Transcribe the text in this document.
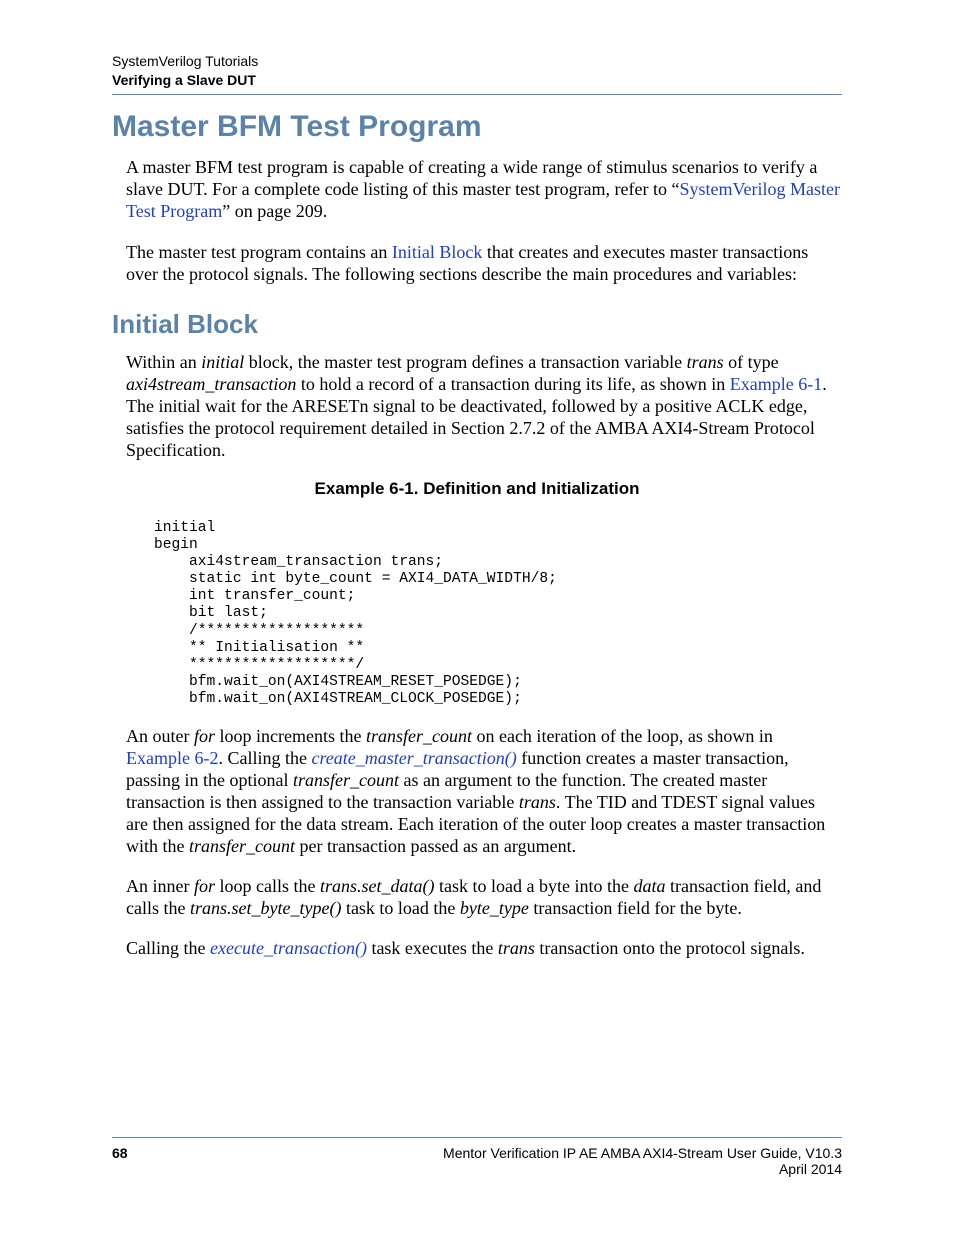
SystemVerilog Tutorials
Verifying a Slave DUT
Master BFM Test Program

A master BFM test program is capable of creating a wide range of stimulus scenarios to verify a slave DUT. For a complete code listing of this master test program, refer to “SystemVerilog Master Test Program” on page 209.

The master test program contains an Initial Block that creates and executes master transactions over the protocol signals. The following sections describe the main procedures and variables:

Initial Block

Within an initial block, the master test program defines a transaction variable trans of type axi4stream_transaction to hold a record of a transaction during its life, as shown in Example 6-1. The initial wait for the ARESETn signal to be deactivated, followed by a positive ACLK edge, satisfies the protocol requirement detailed in Section 2.7.2 of the AMBA AXI4-Stream Protocol Specification.

Example 6-1. Definition and Initialization
initial
begin
axi4stream_transaction trans;
static int byte_count = AXI4_DATA_WIDTH/8;
int transfer_count;
bit last;
/*******************
** Initialisation **
*******************/
bfm.wait_on(AXI4STREAM_RESET_POSEDGE);
bfm.wait_on(AXI4STREAM_CLOCK_POSEDGE);

An outer for loop increments the transfer_count on each iteration of the loop, as shown in Example 6-2. Calling the create_master_transaction() function creates a master transaction, passing in the optional transfer_count as an argument to the function. The created master transaction is then assigned to the transaction variable trans. The TID and TDEST signal values are then assigned for the data stream. Each iteration of the outer loop creates a master transaction with the transfer_count per transaction passed as an argument.

An inner for loop calls the trans.set_data() task to load a byte into the data transaction field, and calls the trans.set_byte_type() task to load the byte_type transaction field for the byte.

Calling the execute_transaction() task executes the trans transaction onto the protocol signals.

68	Mentor Verification IP AE AMBA AXI4-Stream User Guide, V10.3
April 2014
